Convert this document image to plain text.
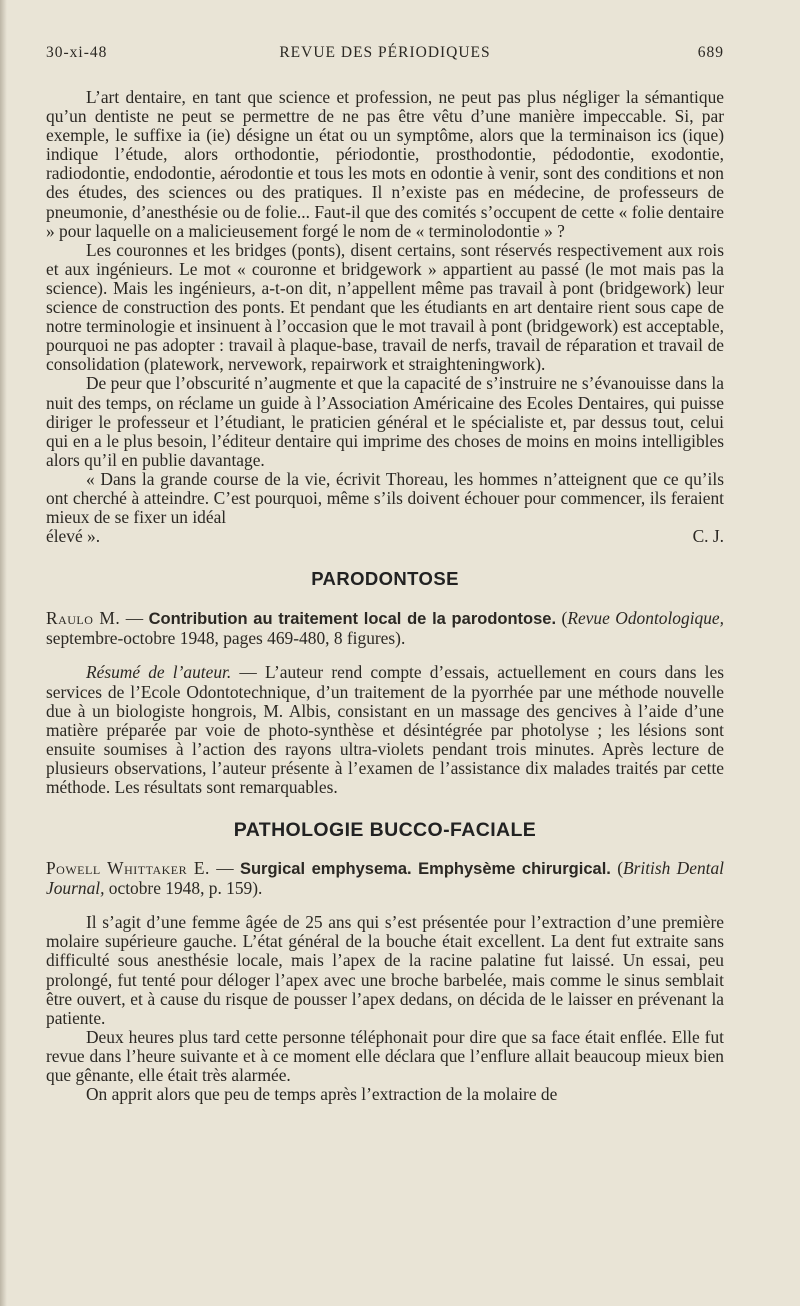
REVUE DES PÉRIODIQUES
30-xi-48	689

L’art dentaire, en tant que science et profession, ne peut pas plus négliger la sémantique qu’un dentiste ne peut se permettre de ne pas être vêtu d’une manière impeccable. Si, par exemple, le suffixe ia (ie) désigne un état ou un symptôme, alors que la terminaison ics (ique) indique l’étude, alors orthodontie, périodontie, prosthodontie, pédodontie, exodontie, radiodontie, endodontie, aérodontie et tous les mots en odontie à venir, sont des conditions et non des études, des sciences ou des pratiques. Il n’existe pas en médecine, de professeurs de pneumonie, d’anesthésie ou de folie... Faut-il que des comités s’occupent de cette « folie dentaire » pour laquelle on a malicieusement forgé le nom de « terminolodontie » ?

Les couronnes et les bridges (ponts), disent certains, sont réservés respectivement aux rois et aux ingénieurs. Le mot « couronne et bridgework » appartient au passé (le mot mais pas la science). Mais les ingénieurs, a-t-on dit, n’appellent même pas travail à pont (bridgework) leur science de construction des ponts. Et pendant que les étudiants en art dentaire rient sous cape de notre terminologie et insinuent à l’occasion que le mot travail à pont (bridgework) est acceptable, pourquoi ne pas adopter : travail à plaque-base, travail de nerfs, travail de réparation et travail de consolidation (platework, nervework, repairwork et straighteningwork).

De peur que l’obscurité n’augmente et que la capacité de s’instruire ne s’évanouisse dans la nuit des temps, on réclame un guide à l’Association Américaine des Ecoles Dentaires, qui puisse diriger le professeur et l’étudiant, le praticien général et le spécialiste et, par dessus tout, celui qui en a le plus besoin, l’éditeur dentaire qui imprime des choses de moins en moins intelligibles alors qu’il en publie davantage.

« Dans la grande course de la vie, écrivit Thoreau, les hommes n’atteignent que ce qu’ils ont cherché à atteindre. C’est pourquoi, même s’ils doivent échouer pour commencer, ils feraient mieux de se fixer un idéal

élevé ».	C. J.

PARODONTOSE

Raulo M. — Contribution au traitement local de la parodontose. (Revue Odontologique, septembre-octobre 1948, pages 469-480, 8 figures).

Résumé de l’auteur. — L’auteur rend compte d’essais, actuellement en cours dans les services de l’Ecole Odontotechnique, d’un traitement de la pyorrhée par une méthode nouvelle due à un biologiste hongrois, M. Albis, consistant en un massage des gencives à l’aide d’une matière préparée par voie de photo-synthèse et désintégrée par photolyse ; les lésions sont ensuite soumises à l’action des rayons ultra-violets pendant trois minutes. Après lecture de plusieurs observations, l’auteur présente à l’examen de l’assistance dix malades traités par cette méthode. Les résultats sont remarquables.

PATHOLOGIE BUCCO-FACIALE

Powell Whittaker E. — Surgical emphysema. Emphysème chirurgical. (British Dental Journal, octobre 1948, p. 159).

Il s’agit d’une femme âgée de 25 ans qui s’est présentée pour l’extraction d’une première molaire supérieure gauche. L’état général de la bouche était excellent. La dent fut extraite sans difficulté sous anesthésie locale, mais l’apex de la racine palatine fut laissé. Un essai, peu prolongé, fut tenté pour déloger l’apex avec une broche barbelée, mais comme le sinus semblait être ouvert, et à cause du risque de pousser l’apex dedans, on décida de le laisser en prévenant la patiente.

Deux heures plus tard cette personne téléphonait pour dire que sa face était enflée. Elle fut revue dans l’heure suivante et à ce moment elle déclara que l’enflure allait beaucoup mieux bien que gênante, elle était très alarmée.

On apprit alors que peu de temps après l’extraction de la molaire de
